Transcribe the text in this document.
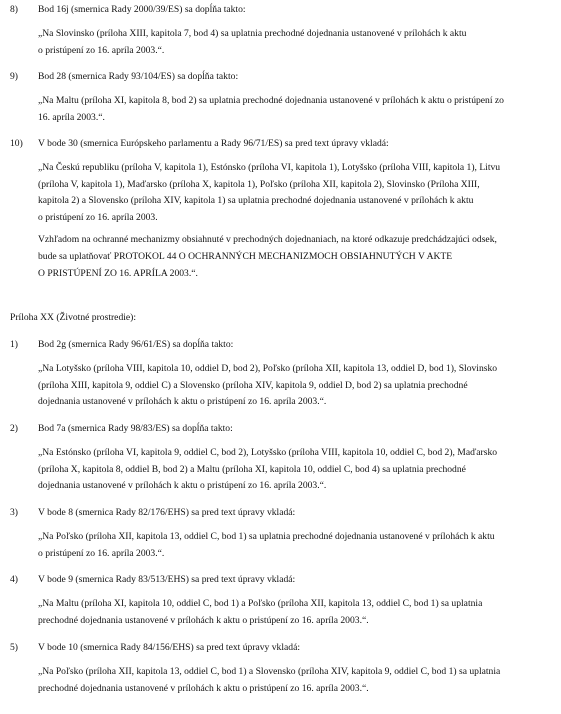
8) Bod 16j (smernica Rady 2000/39/ES) sa dopĺňa takto:

„Na Slovinsko (príloha XIII, kapitola 7, bod 4) sa uplatnia prechodné dojednania ustanovené v prílohách k aktu
o pristúpení zo 16. apríla 2003.“.

9) Bod 28 (smernica Rady 93/104/ES) sa dopĺňa takto:

„Na Maltu (príloha XI, kapitola 8, bod 2) sa uplatnia prechodné dojednania ustanovené v prílohách k aktu o pristúpení zo
16. apríla 2003.“.

10) V bode 30 (smernica Európskeho parlamentu a Rady 96/71/ES) sa pred text úpravy vkladá:

„Na Českú republiku (príloha V, kapitola 1), Estónsko (príloha VI, kapitola 1), Lotyšsko (príloha VIII, kapitola 1), Litvu
(príloha V, kapitola 1), Maďarsko (príloha X, kapitola 1), Poľsko (príloha XII, kapitola 2), Slovinsko (Príloha XIII,
kapitola 2) a Slovensko (príloha XIV, kapitola 1) sa uplatnia prechodné dojednania ustanovené v prílohách k aktu
o pristúpení zo 16. apríla 2003.

Vzhľadom na ochranné mechanizmy obsiahnuté v prechodných dojednaniach, na ktoré odkazuje predchádzajúci odsek,
bude sa uplatňovať PROTOKOL 44 O OCHRANNÝCH MECHANIZMOCH OBSIAHNUTÝCH V AKTE
O PRISTÚPENÍ ZO 16. APRÍLA 2003.“.

Príloha XX (Životné prostredie):
1) Bod 2g (smernica Rady 96/61/ES) sa dopĺňa takto:

„Na Lotyšsko (príloha VIII, kapitola 10, oddiel D, bod 2), Poľsko (príloha XII, kapitola 13, oddiel D, bod 1), Slovinsko
(príloha XIII, kapitola 9, oddiel C) a Slovensko (príloha XIV, kapitola 9, oddiel D, bod 2) sa uplatnia prechodné
dojednania ustanovené v prílohách k aktu o pristúpení zo 16. apríla 2003.“.

2) Bod 7a (smernica Rady 98/83/ES) sa dopĺňa takto:

„Na Estónsko (príloha VI, kapitola 9, oddiel C, bod 2), Lotyšsko (príloha VIII, kapitola 10, oddiel C, bod 2), Maďarsko
(príloha X, kapitola 8, oddiel B, bod 2) a Maltu (príloha XI, kapitola 10, oddiel C, bod 4) sa uplatnia prechodné
dojednania ustanovené v prílohách k aktu o pristúpení zo 16. apríla 2003.“.

3) V bode 8 (smernica Rady 82/176/EHS) sa pred text úpravy vkladá:

„Na Poľsko (príloha XII, kapitola 13, oddiel C, bod 1) sa uplatnia prechodné dojednania ustanovené v prílohách k aktu
o pristúpení zo 16. apríla 2003.“.

4) V bode 9 (smernica Rady 83/513/EHS) sa pred text úpravy vkladá:

„Na Maltu (príloha XI, kapitola 10, oddiel C, bod 1) a Poľsko (príloha XII, kapitola 13, oddiel C, bod 1) sa uplatnia
prechodné dojednania ustanovené v prílohách k aktu o pristúpení zo 16. apríla 2003.“.

5) V bode 10 (smernica Rady 84/156/EHS) sa pred text úpravy vkladá:

„Na Poľsko (príloha XII, kapitola 13, oddiel C, bod 1) a Slovensko (príloha XIV, kapitola 9, oddiel C, bod 1) sa uplatnia
prechodné dojednania ustanovené v prílohách k aktu o pristúpení zo 16. apríla 2003.“.
